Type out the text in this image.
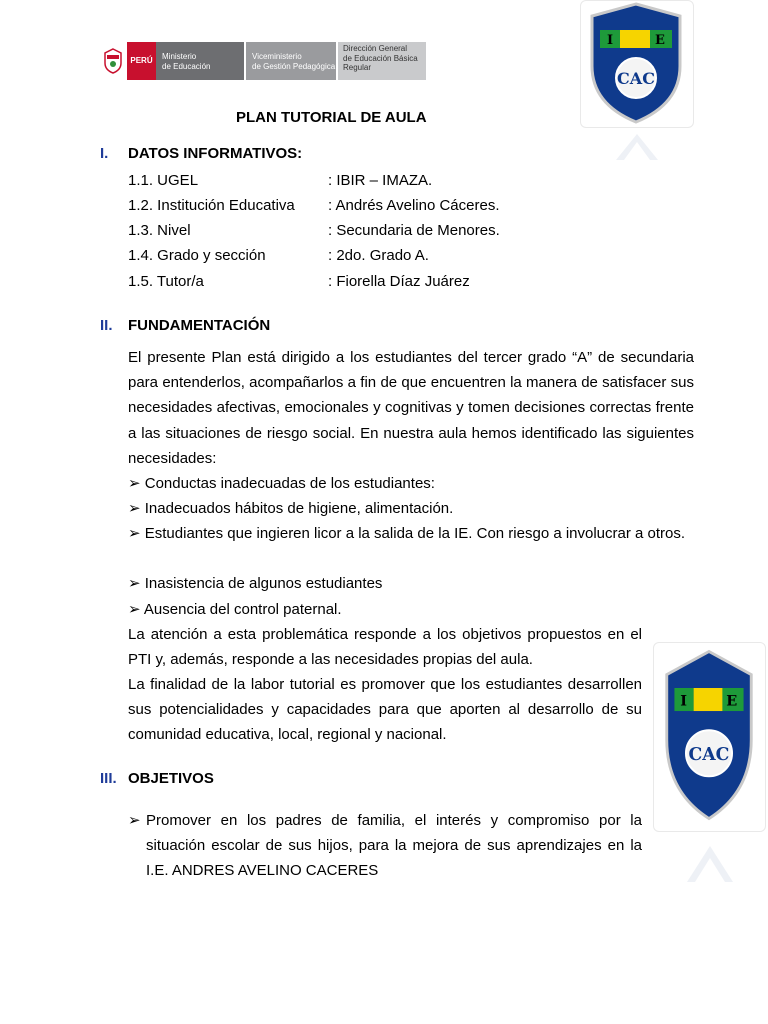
PERÚ	Ministerio
de Educación
Viceministerio
de Gestión Pedagógica
Dirección General
de Educación Básica
Regular
I	E
CAC
I	E
CAC
PLAN TUTORIAL DE AULA
I. DATOS INFORMATIVOS:
1.1. UGEL	: IBIR – IMAZA.
1.2. Institución Educativa : Andrés Avelino Cáceres.
1.3. Nivel	: Secundaria de Menores.
1.4. Grado y sección	: 2do. Grado A.
1.5. Tutor/a	: Fiorella Díaz Juárez
II. FUNDAMENTACIÓN

El presente Plan está dirigido a los estudiantes del tercer grado “A” de secundaria para entenderlos, acompañarlos a fin de que encuentren la manera de satisfacer sus necesidades afectivas, emocionales y cognitivas y tomen decisiones correctas frente a las situaciones de riesgo social. En nuestra aula hemos identificado las siguientes necesidades:

➢ Conductas inadecuadas de los estudiantes:

➢ Inadecuados hábitos de higiene, alimentación.

➢ Estudiantes que ingieren licor a la salida de la IE. Con riesgo a involucrar a otros.

➢ Inasistencia de algunos estudiantes

➢ Ausencia del control paternal.

La atención a esta problemática responde a los objetivos propuestos en el PTI y, además, responde a las necesidades propias del aula.

La finalidad de la labor tutorial es promover que los estudiantes desarrollen sus potencialidades y capacidades para que aporten al desarrollo de su comunidad educativa, local, regional y nacional.

III. OBJETIVOS
➢ Promover en los padres de familia, el interés y compromiso por la situación escolar de sus hijos, para la mejora de sus aprendizajes en la I.E. ANDRES AVELINO CACERES
